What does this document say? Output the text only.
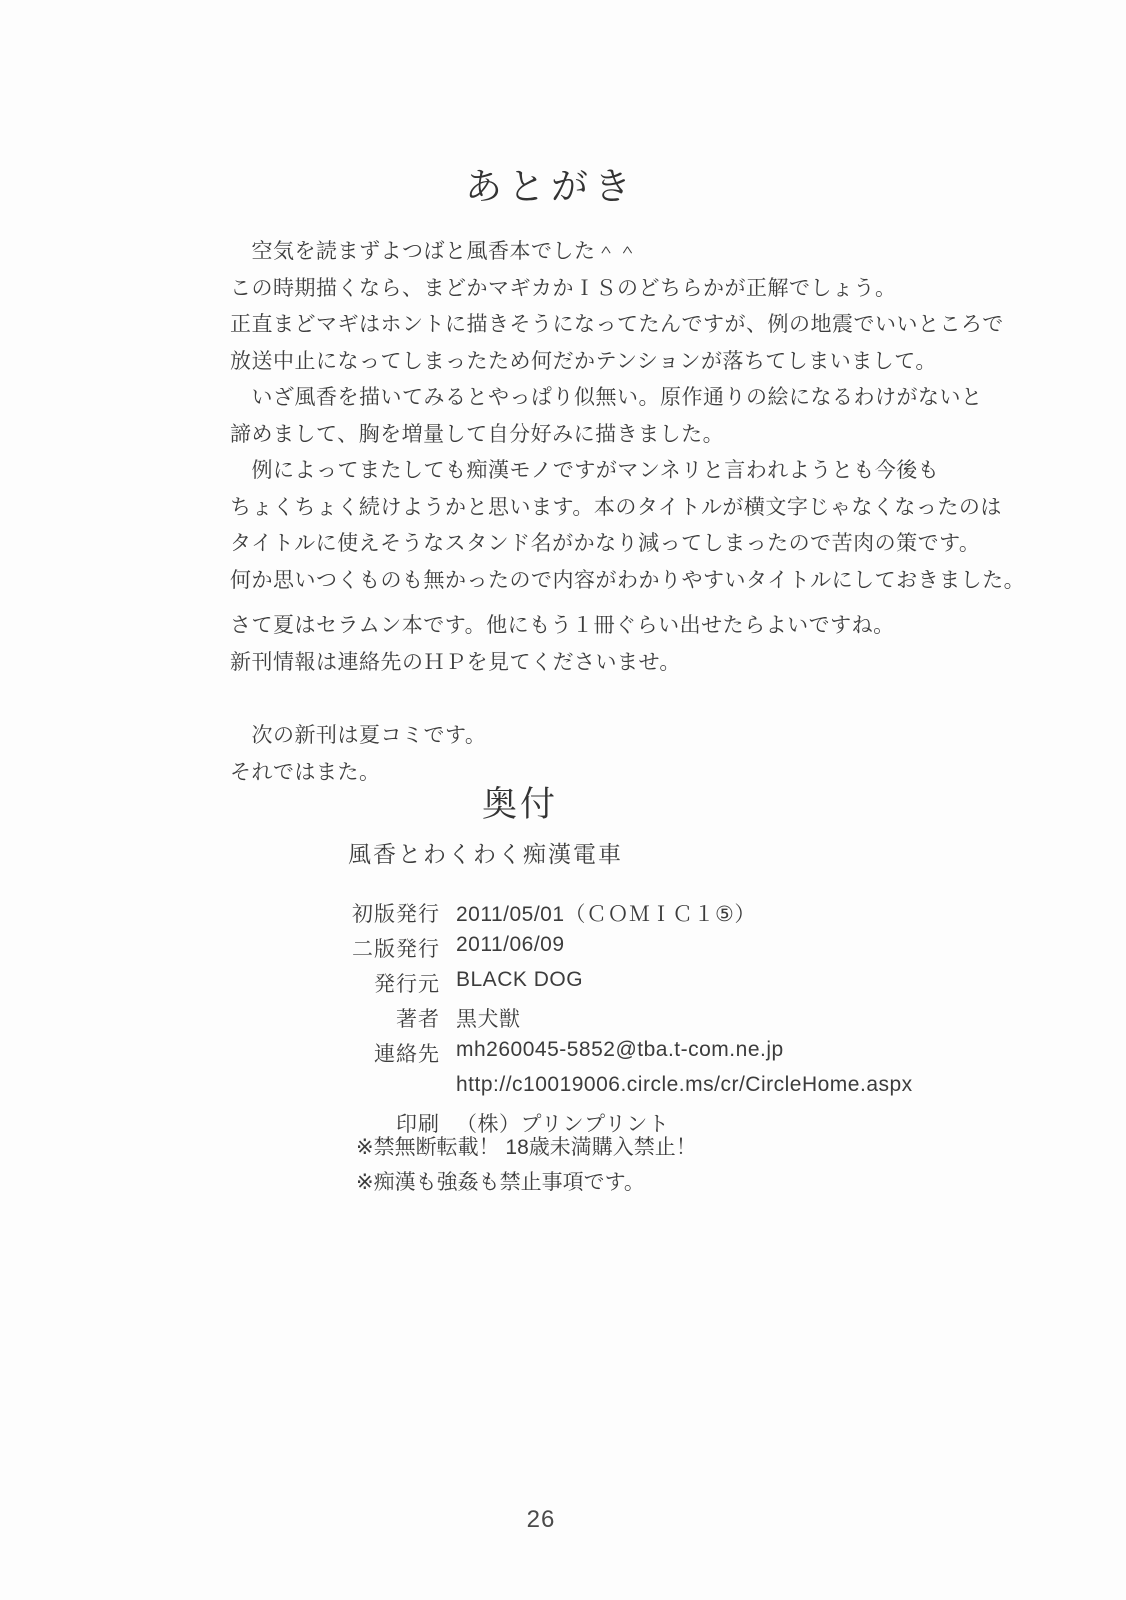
あとがき
　空気を読まずよつばと風香本でした＾＾
この時期描くなら、まどかマギカかＩＳのどちらかが正解でしょう。
正直まどマギはホントに描きそうになってたんですが、例の地震でいいところで
放送中止になってしまったため何だかテンションが落ちてしまいまして。
　いざ風香を描いてみるとやっぱり似無い。原作通りの絵になるわけがないと
諦めまして、胸を増量して自分好みに描きました。
　例によってまたしても痴漢モノですがマンネリと言われようとも今後も
ちょくちょく続けようかと思います。本のタイトルが横文字じゃなくなったのは
タイトルに使えそうなスタンド名がかなり減ってしまったので苦肉の策です。
何か思いつくものも無かったので内容がわかりやすいタイトルにしておきました。
さて夏はセラムン本です。他にもう１冊ぐらい出せたらよいですね。
新刊情報は連絡先のＨＰを見てくださいませ。
　次の新刊は夏コミです。
それではまた。
奥付
風香とわくわく痴漢電車
初版発行 2011/05/01（ＣＯＭＩＣ１⑤）
二版発行 2011/06/09
発行元 BLACK DOG
著者 黒犬獣
連絡先 mh260045-5852@tba.t-com.ne.jp
http://c10019006.circle.ms/cr/CircleHome.aspx
印刷 （株）プリンプリント
※禁無断転載！ 18歳未満購入禁止！
※痴漢も強姦も禁止事項です。
26
